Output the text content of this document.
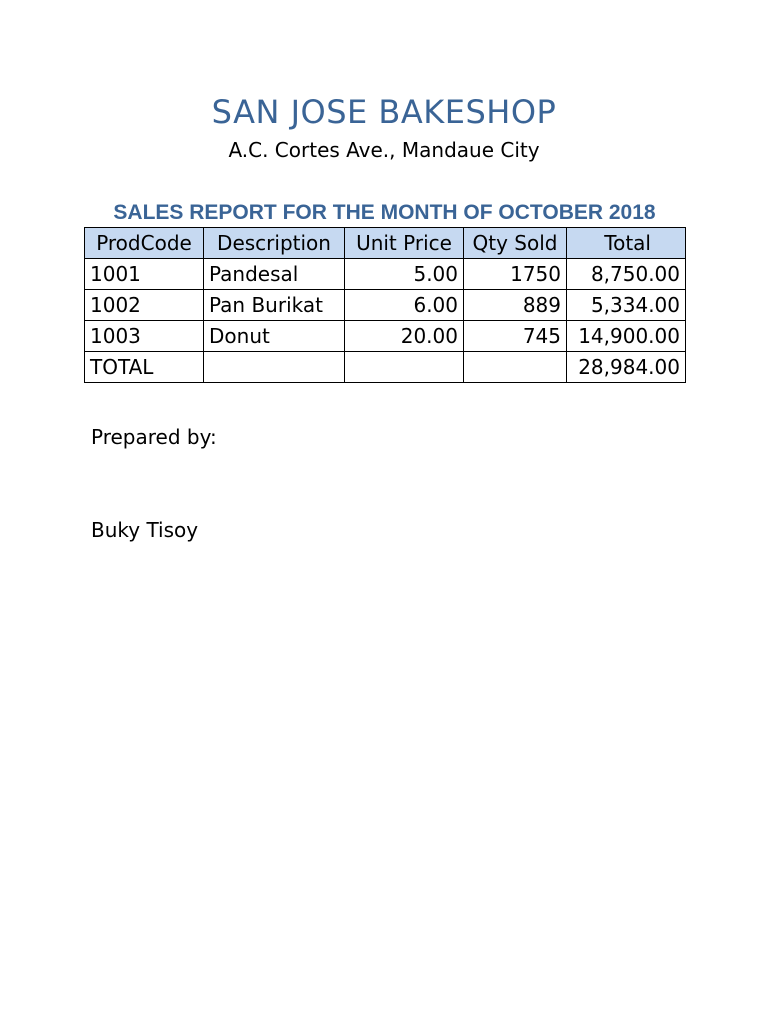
SAN JOSE BAKESHOP
A.C. Cortes Ave., Mandaue City
SALES REPORT FOR THE MONTH OF OCTOBER 2018
ProdCode	Description	Unit Price	Qty Sold	Total
1001	Pandesal	5.00	1750	8,750.00
1002	Pan Burikat	6.00	889	5,334.00
1003	Donut	20.00	745	14,900.00
TOTAL				28,984.00
Prepared by:
Buky Tisoy
